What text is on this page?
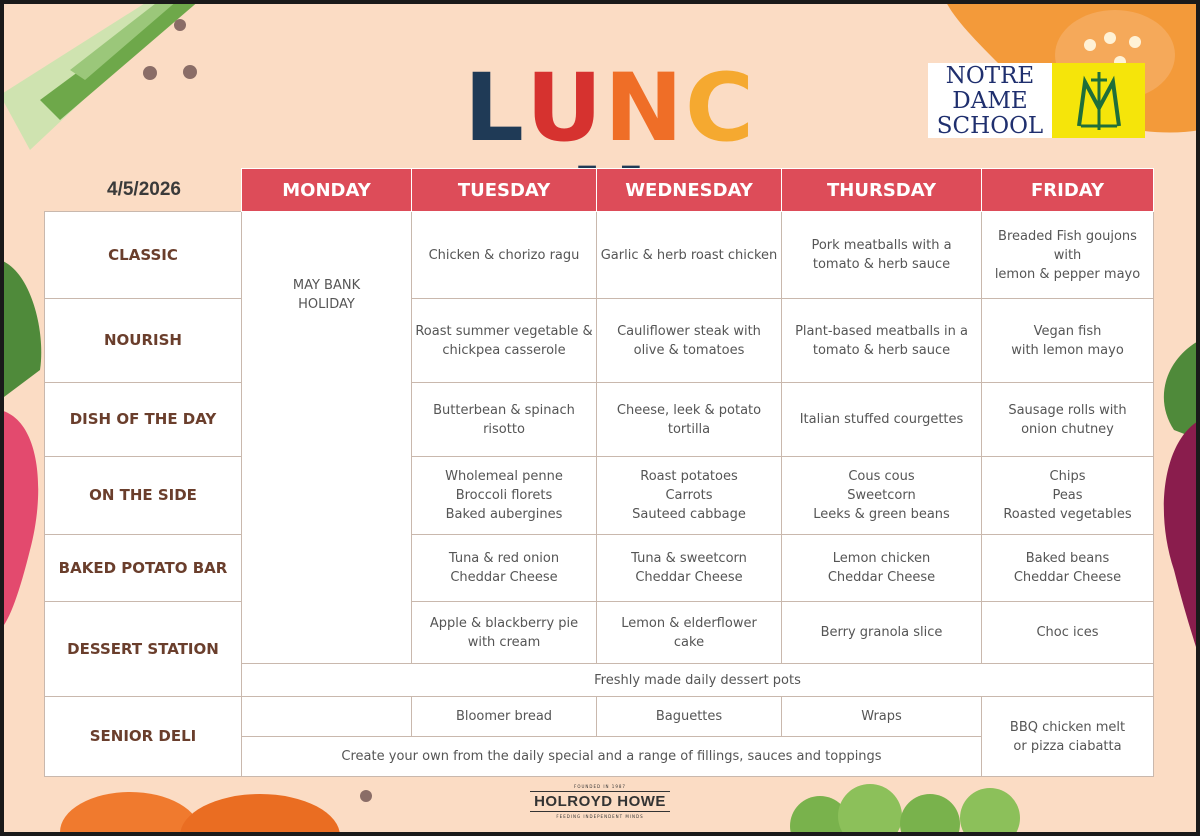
LUNC	NOTRE
DAME
SCHOOL
4/5/2026
		MONDAY	TUESDAY	WEDNESDAY	THURSDAY	FRIDAY
CLASSIC	MAY BANK
HOLIDAY	Chicken & chorizo ragu	Garlic & herb roast chicken	Pork meatballs with a
tomato & herb sauce	Breaded Fish goujons with
lemon & pepper mayo

NOURISH		Roast summer vegetable &
chickpea casserole	Cauliflower steak with
olive & tomatoes	Plant-based meatballs in a
tomato & herb sauce	Vegan fish
with lemon mayo

DISH OF THE DAY		Butterbean & spinach
risotto	Cheese, leek & potato
tortilla	Italian stuffed courgettes	Sausage rolls with
onion chutney

ON THE SIDE		Wholemeal penne
Broccoli florets
Baked aubergines	Roast potatoes
Carrots
Sauteed cabbage	Cous cous
Sweetcorn
Leeks & green beans	Chips
Peas
Roasted vegetables

BAKED POTATO BAR		Tuna & red onion
Cheddar Cheese	Tuna & sweetcorn
Cheddar Cheese	Lemon chicken
Cheddar Cheese	Baked beans
Cheddar Cheese

DESSERT STATION		Apple & blackberry pie
with cream	Lemon & elderflower
cake	Berry granola slice	Choc ices

	Freshly made daily dessert pots				
SENIOR DELI		Bloomer bread	Baguettes	Wraps	BBQ chicken melt
or pizza ciabatta

	Create your own from the daily special and a range of fillings, sauces and toppings				
FOUNDED IN 1987
HOLROYD HOWE
FEEDING INDEPENDENT MINDS
